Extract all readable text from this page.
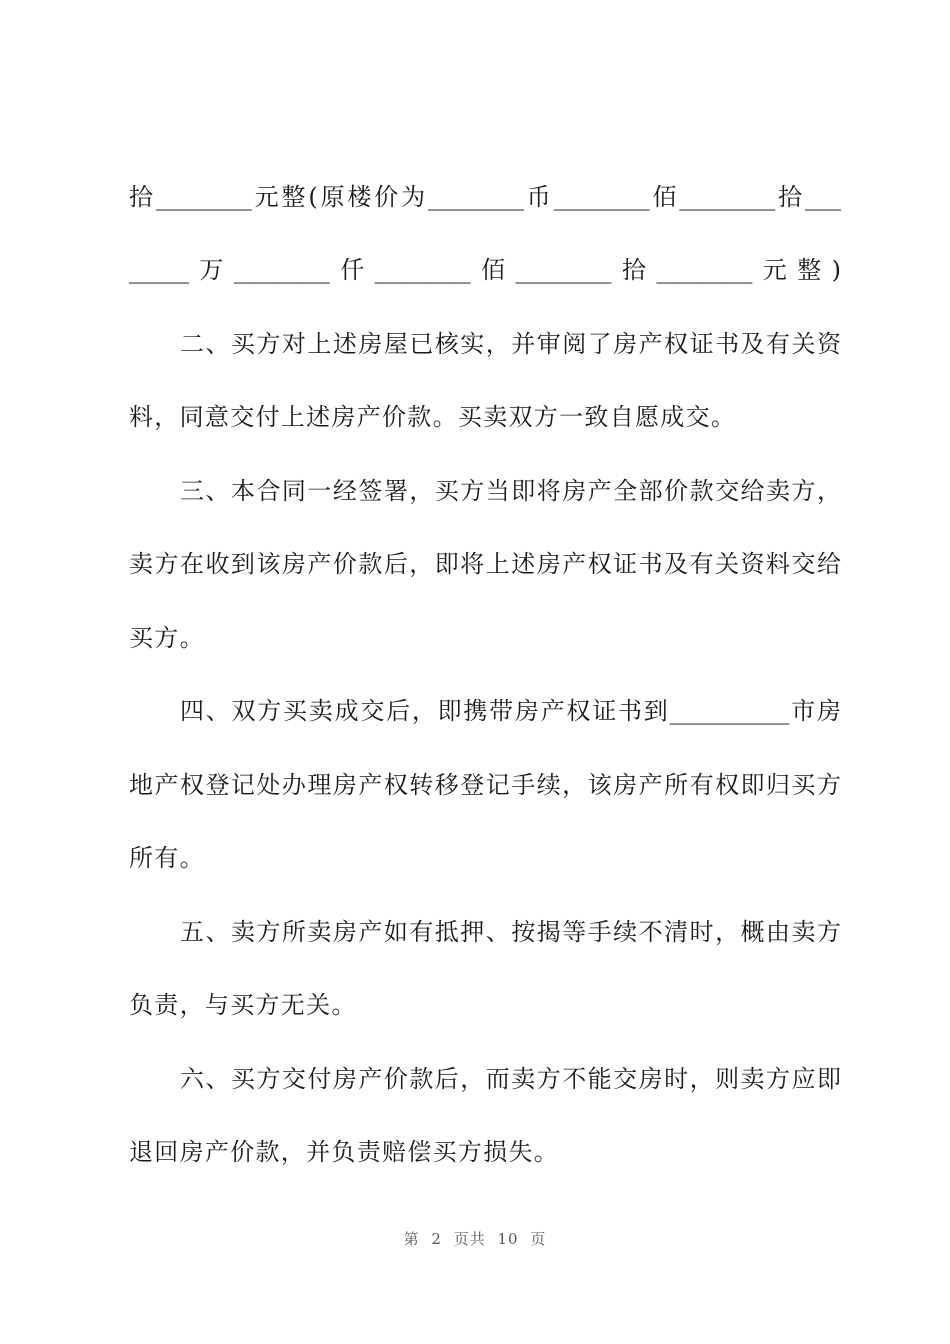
拾________元整(原楼价为________币________佰________拾___
_____万________仟________佰________拾________元整)
二、买方对上述房屋已核实，并审阅了房产权证书及有关资
料，同意交付上述房产价款。买卖双方一致自愿成交。
三、本合同一经签署，买方当即将房产全部价款交给卖方，
卖方在收到该房产价款后，即将上述房产权证书及有关资料交给
买方。
四、双方买卖成交后，即携带房产权证书到__________市房
地产权登记处办理房产权转移登记手续，该房产所有权即归买方
所有。
五、卖方所卖房产如有抵押、按揭等手续不清时，概由卖方
负责，与买方无关。
六、买方交付房产价款后，而卖方不能交房时，则卖方应即
退回房产价款，并负责赔偿买方损失。
第 2 页共 10 页
